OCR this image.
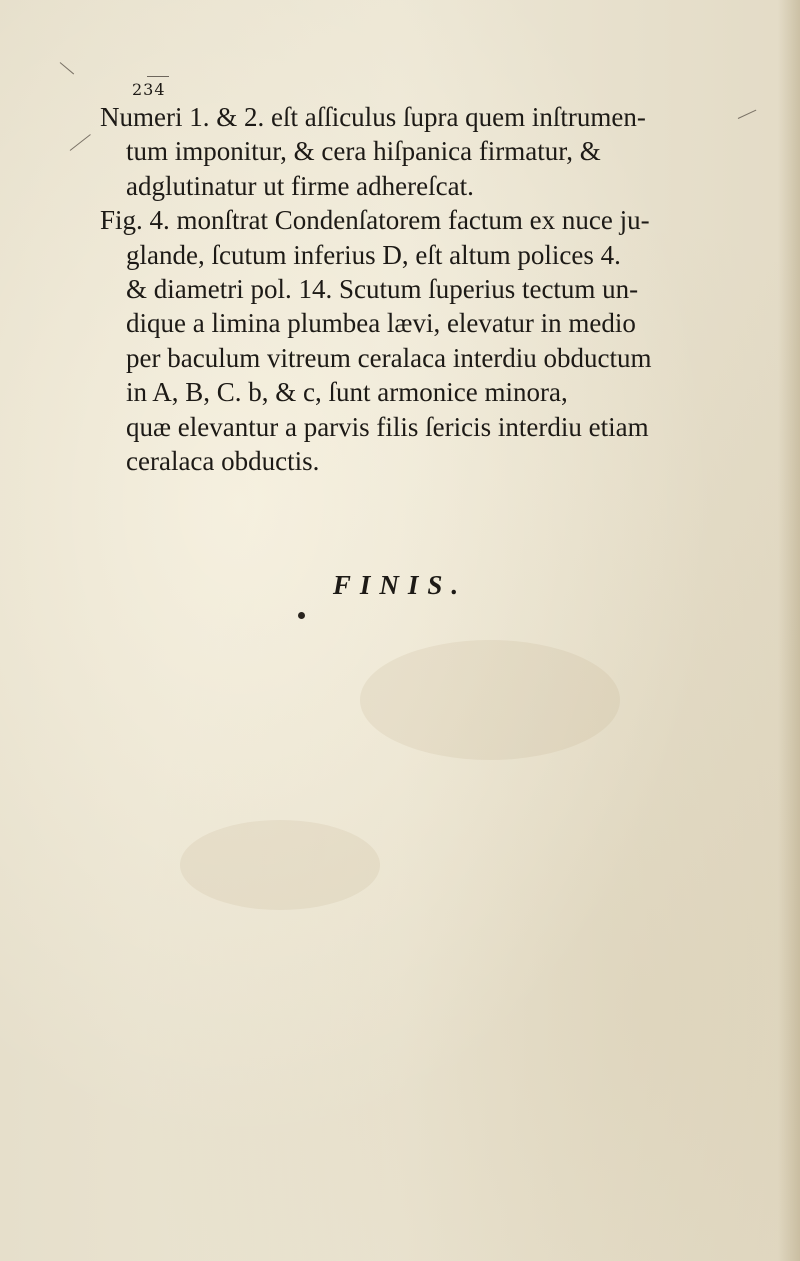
234
Numeri 1. & 2. eſt aſſiculus ſupra quem inſtrumen-
tum imponitur, & cera hiſpanica firmatur, &
adglutinatur ut firme adhereſcat.
Fig. 4. monſtrat Condenſatorem factum ex nuce ju-
glande, ſcutum inferius D, eſt altum polices 4.
& diametri pol. 14. Scutum ſuperius tectum un-
dique a limina plumbea lævi, elevatur in medio
per baculum vitreum ceralaca interdiu obductum
in A, B, C. b, & c, ſunt armonice minora,
quæ elevantur a parvis filis ſericis interdiu etiam
ceralaca obductis.
FINIS.
